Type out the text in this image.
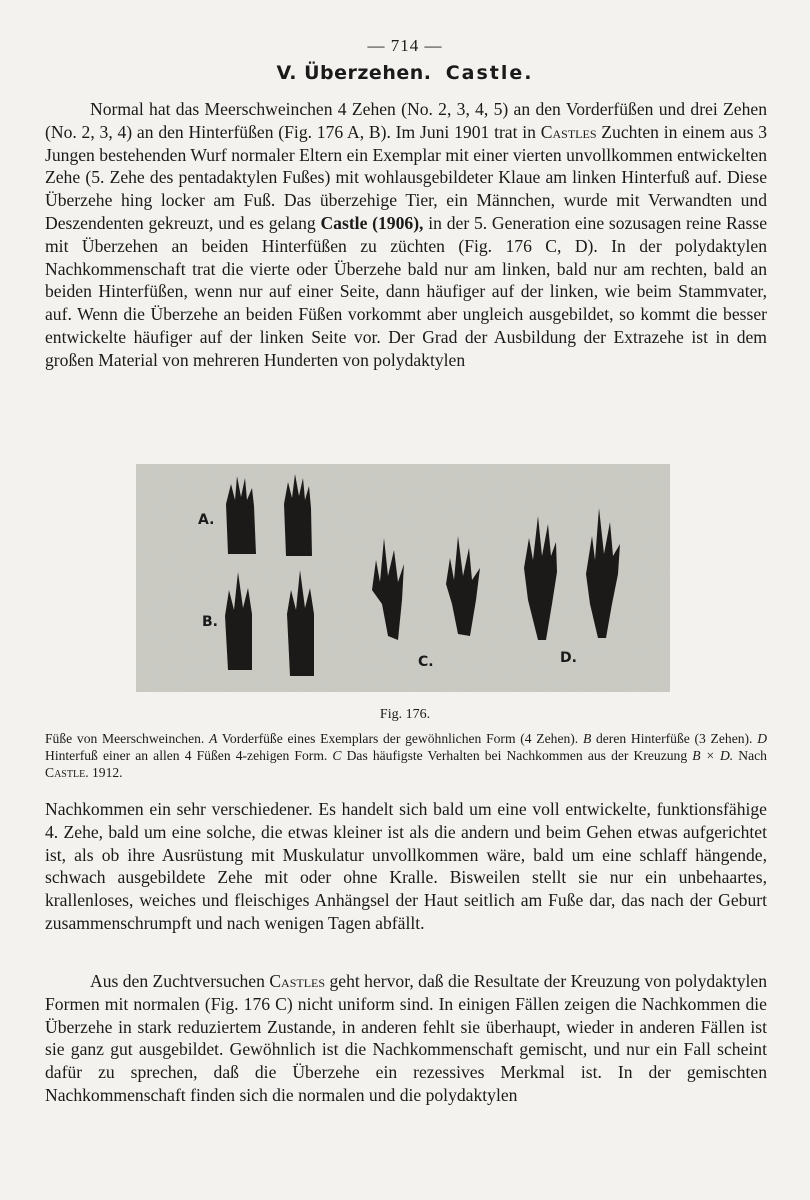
— 714 —
V. Überzehen. Castle.
Normal hat das Meerschweinchen 4 Zehen (No. 2, 3, 4, 5) an den Vorderfüßen und drei Zehen (No. 2, 3, 4) an den Hinterfüßen (Fig. 176 A, B). Im Juni 1901 trat in Castles Zuchten in einem aus 3 Jungen bestehenden Wurf normaler Eltern ein Exemplar mit einer vierten unvollkommen entwickelten Zehe (5. Zehe des pentadaktylen Fußes) mit wohlausgebildeter Klaue am linken Hinterfuß auf. Diese Überzehe hing locker am Fuß. Das überzehige Tier, ein Männchen, wurde mit Verwandten und Deszendenten gekreuzt, und es gelang Castle (1906), in der 5. Generation eine sozusagen reine Rasse mit Überzehen an beiden Hinterfüßen zu züchten (Fig. 176 C, D). In der polydaktylen Nachkommenschaft trat die vierte oder Überzehe bald nur am linken, bald nur am rechten, bald an beiden Hinterfüßen, wenn nur auf einer Seite, dann häufiger auf der linken, wie beim Stammvater, auf. Wenn die Überzehe an beiden Füßen vorkommt aber ungleich ausgebildet, so kommt die besser entwickelte häufiger auf der linken Seite vor. Der Grad der Ausbildung der Extrazehe ist in dem großen Material von mehreren Hunderten von polydaktylen
A.
B.
C.	D.
Fig. 176.
Füße von Meerschweinchen. A Vorderfüße eines Exemplars der gewöhnlichen Form (4 Zehen). B deren Hinterfüße (3 Zehen). D Hinterfuß einer an allen 4 Füßen 4-zehigen Form. C Das häufigste Verhalten bei Nachkommen aus der Kreuzung B × D. Nach Castle. 1912.
Nachkommen ein sehr verschiedener. Es handelt sich bald um eine voll entwickelte, funktionsfähige 4. Zehe, bald um eine solche, die etwas kleiner ist als die andern und beim Gehen etwas aufgerichtet ist, als ob ihre Ausrüstung mit Muskulatur unvollkommen wäre, bald um eine schlaff hängende, schwach ausgebildete Zehe mit oder ohne Kralle. Bisweilen stellt sie nur ein unbehaartes, krallenloses, weiches und fleischiges Anhängsel der Haut seitlich am Fuße dar, das nach der Geburt zusammenschrumpft und nach wenigen Tagen abfällt.
Aus den Zuchtversuchen Castles geht hervor, daß die Resultate der Kreuzung von polydaktylen Formen mit normalen (Fig. 176 C) nicht uniform sind. In einigen Fällen zeigen die Nachkommen die Überzehe in stark reduziertem Zustande, in anderen fehlt sie überhaupt, wieder in anderen Fällen ist sie ganz gut ausgebildet. Gewöhnlich ist die Nachkommenschaft gemischt, und nur ein Fall scheint dafür zu sprechen, daß die Überzehe ein rezessives Merkmal ist. In der gemischten Nachkommenschaft finden sich die normalen und die polydaktylen
